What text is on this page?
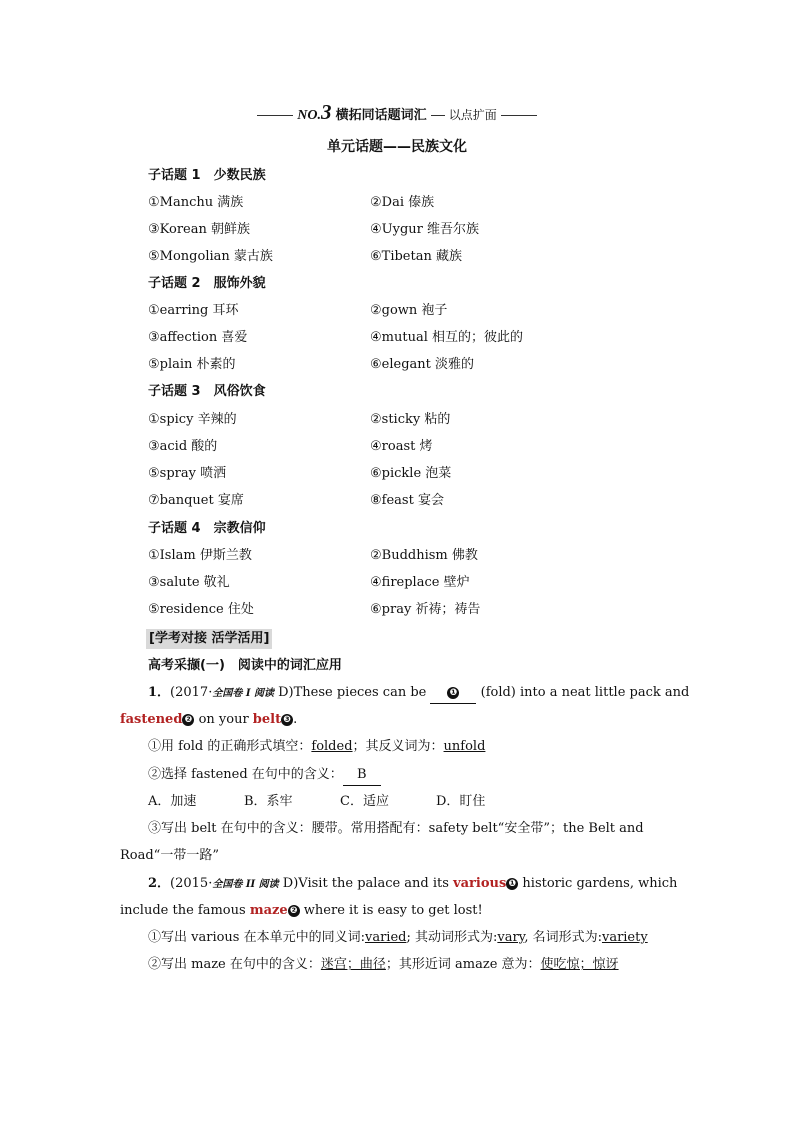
NO.3 横拓同话题词汇 以点扩面
单元话题——民族文化
子话题 1　少数民族
①Manchu 满族	②Dai 傣族
③Korean 朝鲜族	④Uygur 维吾尔族
⑤Mongolian 蒙古族	⑥Tibetan 藏族
子话题 2　服饰外貌
①earring 耳环	②gown 袍子
③affection 喜爱	④mutual 相互的；彼此的
⑤plain 朴素的	⑥elegant 淡雅的
子话题 3　风俗饮食
①spicy 辛辣的	②sticky 粘的
③acid 酸的	④roast 烤
⑤spray 喷洒	⑥pickle 泡菜
⑦banquet 宴席	⑧feast 宴会
子话题 4　宗教信仰
①Islam 伊斯兰教	②Buddhism 佛教
③salute 敬礼	④fireplace 壁炉
⑤residence 住处	⑥pray 祈祷；祷告
[学考对接 活学活用]
高考采撷(一)　阅读中的词汇应用
1．(2017·全国卷 Ⅰ 阅读 D)These pieces can be ❶ (fold) into a neat little pack and
fastened ❷ on your belt ❸ .
①用 fold 的正确形式填空：folded；其反义词为：unfold
②选择 fastened 在句中的含义： B
A．加速	B．系牢	C．适应	D．盯住
③写出 belt 在句中的含义：腰带。常用搭配有：safety belt“安全带”；the Belt and
Road“一带一路”
2．(2015·全国卷 II 阅读 D)Visit the palace and its various ❶ historic gardens, which
include the famous maze ❷ where it is easy to get lost!
①写出 various 在本单元中的同义词:varied; 其动词形式为:vary, 名词形式为:variety
②写出 maze 在句中的含义：迷宫；曲径；其形近词 amaze 意为：使吃惊；惊讶
